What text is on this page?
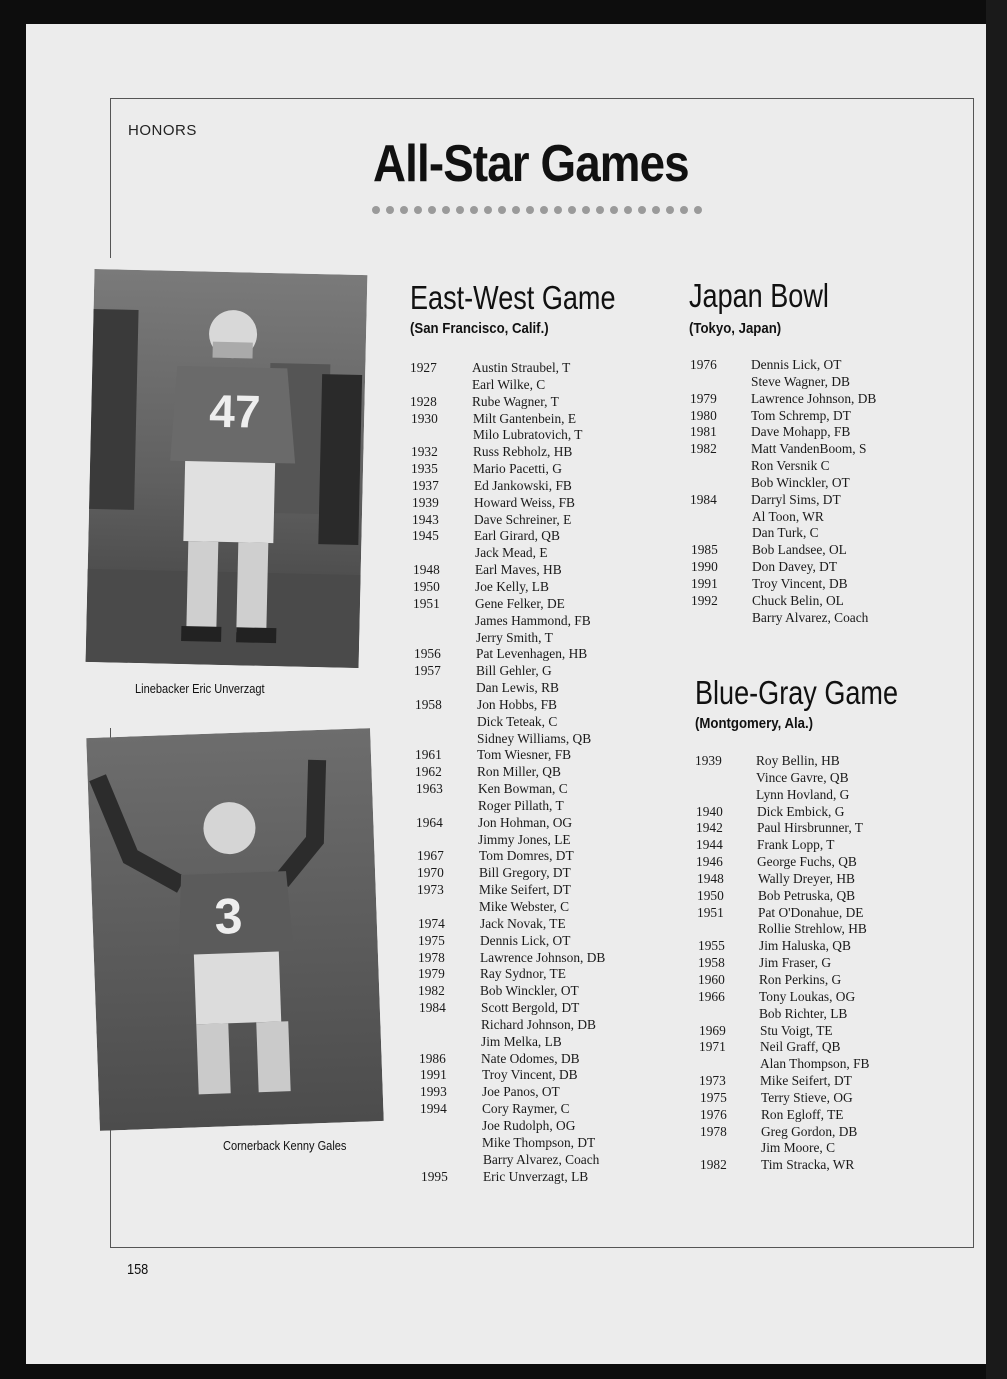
HONORS
All-Star Games
47
Linebacker Eric Unverzagt
3
Cornerback Kenny Gales
East-West Game
(San Francisco, Calif.)
1927	Austin Straubel, T
Earl Wilke, C
1928	Rube Wagner, T
1930	Milt Gantenbein, E
Milo Lubratovich, T
1932	Russ Rebholz, HB
1935	Mario Pacetti, G
1937	Ed Jankowski, FB
1939	Howard Weiss, FB
1943	Dave Schreiner, E
1945	Earl Girard, QB
Jack Mead, E
1948	Earl Maves, HB
1950	Joe Kelly, LB
1951	Gene Felker, DE
James Hammond, FB
Jerry Smith, T
1956	Pat Levenhagen, HB
1957	Bill Gehler, G
Dan Lewis, RB
1958	Jon Hobbs, FB
Dick Teteak, C
Sidney Williams, QB
1961	Tom Wiesner, FB
1962	Ron Miller, QB
1963	Ken Bowman, C
Roger Pillath, T
1964	Jon Hohman, OG
Jimmy Jones, LE
1967	Tom Domres, DT
1970	Bill Gregory, DT
1973	Mike Seifert, DT
Mike Webster, C
1974	Jack Novak, TE
1975	Dennis Lick, OT
1978	Lawrence Johnson, DB
1979	Ray Sydnor, TE
1982	Bob Winckler, OT
1984	Scott Bergold, DT
Richard Johnson, DB
Jim Melka, LB
1986	Nate Odomes, DB
1991	Troy Vincent, DB
1993	Joe Panos, OT
1994	Cory Raymer, C
Joe Rudolph, OG
Mike Thompson, DT
Barry Alvarez, Coach
1995	Eric Unverzagt, LB
Japan Bowl
(Tokyo, Japan)
1976	Dennis Lick, OT
Steve Wagner, DB
1979	Lawrence Johnson, DB
1980	Tom Schremp, DT
1981	Dave Mohapp, FB
1982	Matt VandenBoom, S
Ron Versnik C
Bob Winckler, OT
1984	Darryl Sims, DT
Al Toon, WR
Dan Turk, C
1985	Bob Landsee, OL
1990	Don Davey, DT
1991	Troy Vincent, DB
1992	Chuck Belin, OL
Barry Alvarez, Coach
Blue-Gray Game
(Montgomery, Ala.)
1939	Roy Bellin, HB
Vince Gavre, QB
Lynn Hovland, G
1940	Dick Embick, G
1942	Paul Hirsbrunner, T
1944	Frank Lopp, T
1946	George Fuchs, QB
1948	Wally Dreyer, HB
1950	Bob Petruska, QB
1951	Pat O'Donahue, DE
Rollie Strehlow, HB
1955	Jim Haluska, QB
1958	Jim Fraser, G
1960	Ron Perkins, G
1966	Tony Loukas, OG
Bob Richter, LB
1969	Stu Voigt, TE
1971	Neil Graff, QB
Alan Thompson, FB
1973	Mike Seifert, DT
1975	Terry Stieve, OG
1976	Ron Egloff, TE
1978	Greg Gordon, DB
Jim Moore, C
1982	Tim Stracka, WR
158
